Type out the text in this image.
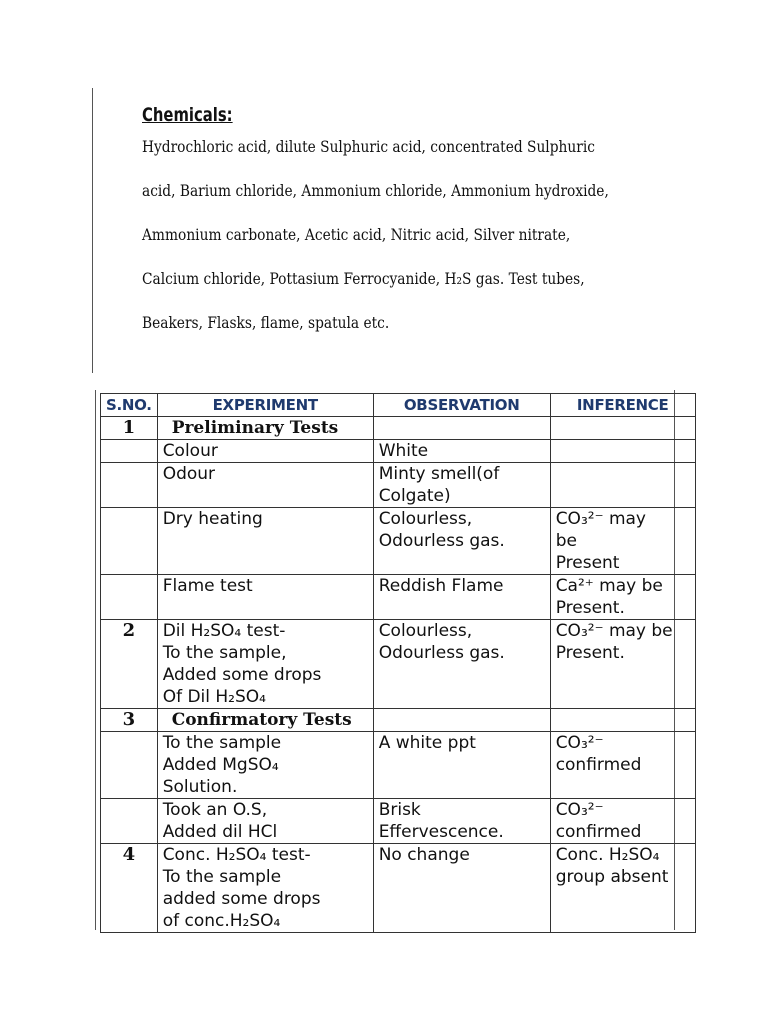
Chemicals:
Hydrochloric acid, dilute Sulphuric acid, concentrated Sulphuric
acid, Barium chloride, Ammonium chloride, Ammonium hydroxide,
Ammonium carbonate, Acetic acid, Nitric acid, Silver nitrate,
Calcium chloride, Pottasium Ferrocyanide, H₂S gas. Test tubes,
Beakers, Flasks, flame, spatula etc.
S.NO.	EXPERIMENT	OBSERVATION	INFERENCE

1	Preliminary Tests		

	Colour	White	

	Odour	Minty smell(of
Colgate)	

	Dry heating	Colourless,
Odourless gas.	CO₃²⁻ may
be
Present

	Flame test	Reddish Flame	Ca²⁺ may be
Present.

2	Dil H₂SO₄ test-
To the sample,
Added some drops
Of Dil H₂SO₄	Colourless,
Odourless gas.	CO₃²⁻ may be
Present.

3	Confirmatory Tests		

	To the sample
Added MgSO₄
Solution.	A white ppt	CO₃²⁻
confirmed

	Took an O.S,
Added dil HCl	Brisk
Effervescence.	CO₃²⁻
confirmed

4	Conc. H₂SO₄ test-
To the sample
added some drops
of conc.H₂SO₄	No change	Conc. H₂SO₄
group absent
